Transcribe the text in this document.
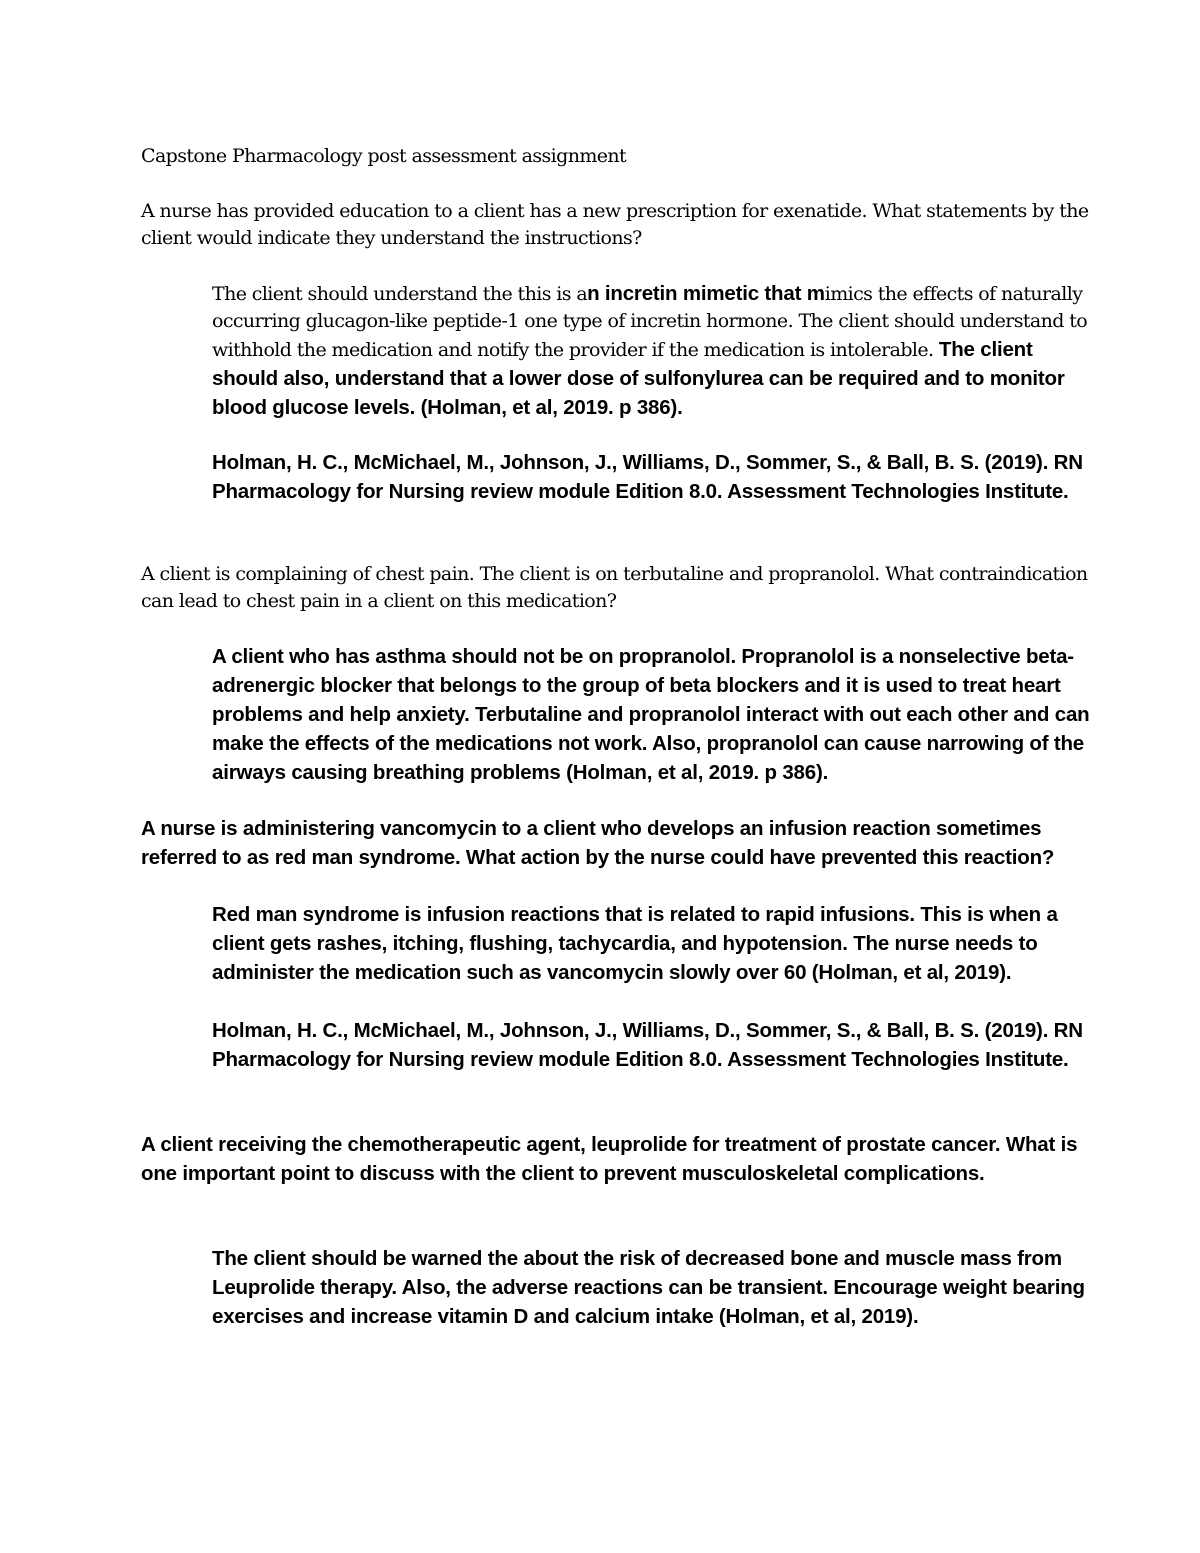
Capstone Pharmacology post assessment assignment

A nurse has provided education to a client has a new prescription for exenatide. What statements by the client would indicate they understand the instructions?

The client should understand the this is an incretin mimetic that mimics the effects of naturally occurring glucagon-like peptide-1 one type of incretin hormone. The client should understand to withhold the medication and notify the provider if the medication is intolerable. The client should also, understand that a lower dose of sulfonylurea can be required and to monitor blood glucose levels. (Holman, et al, 2019. p 386).

Holman, H. C., McMichael, M., Johnson, J., Williams, D., Sommer, S., & Ball, B. S. (2019). RN Pharmacology for Nursing review module Edition 8.0. Assessment Technologies Institute.

A client is complaining of chest pain. The client is on terbutaline and propranolol. What contraindication can lead to chest pain in a client on this medication?

A client who has asthma should not be on propranolol. Propranolol is a nonselective beta-adrenergic blocker that belongs to the group of beta blockers and it is used to treat heart problems and help anxiety. Terbutaline and propranolol interact with out each other and can make the effects of the medications not work. Also, propranolol can cause narrowing of the airways causing breathing problems (Holman, et al, 2019. p 386).

A nurse is administering vancomycin to a client who develops an infusion reaction sometimes referred to as red man syndrome. What action by the nurse could have prevented this reaction?

Red man syndrome is infusion reactions that is related to rapid infusions. This is when a client gets rashes, itching, flushing, tachycardia, and hypotension. The nurse needs to administer the medication such as vancomycin slowly over 60 (Holman, et al, 2019).

Holman, H. C., McMichael, M., Johnson, J., Williams, D., Sommer, S., & Ball, B. S. (2019). RN Pharmacology for Nursing review module Edition 8.0. Assessment Technologies Institute.

A client receiving the chemotherapeutic agent, leuprolide for treatment of prostate cancer. What is one important point to discuss with the client to prevent musculoskeletal complications.

The client should be warned the about the risk of decreased bone and muscle mass from Leuprolide therapy. Also, the adverse reactions can be transient. Encourage weight bearing exercises and increase vitamin D and calcium intake (Holman, et al, 2019).
